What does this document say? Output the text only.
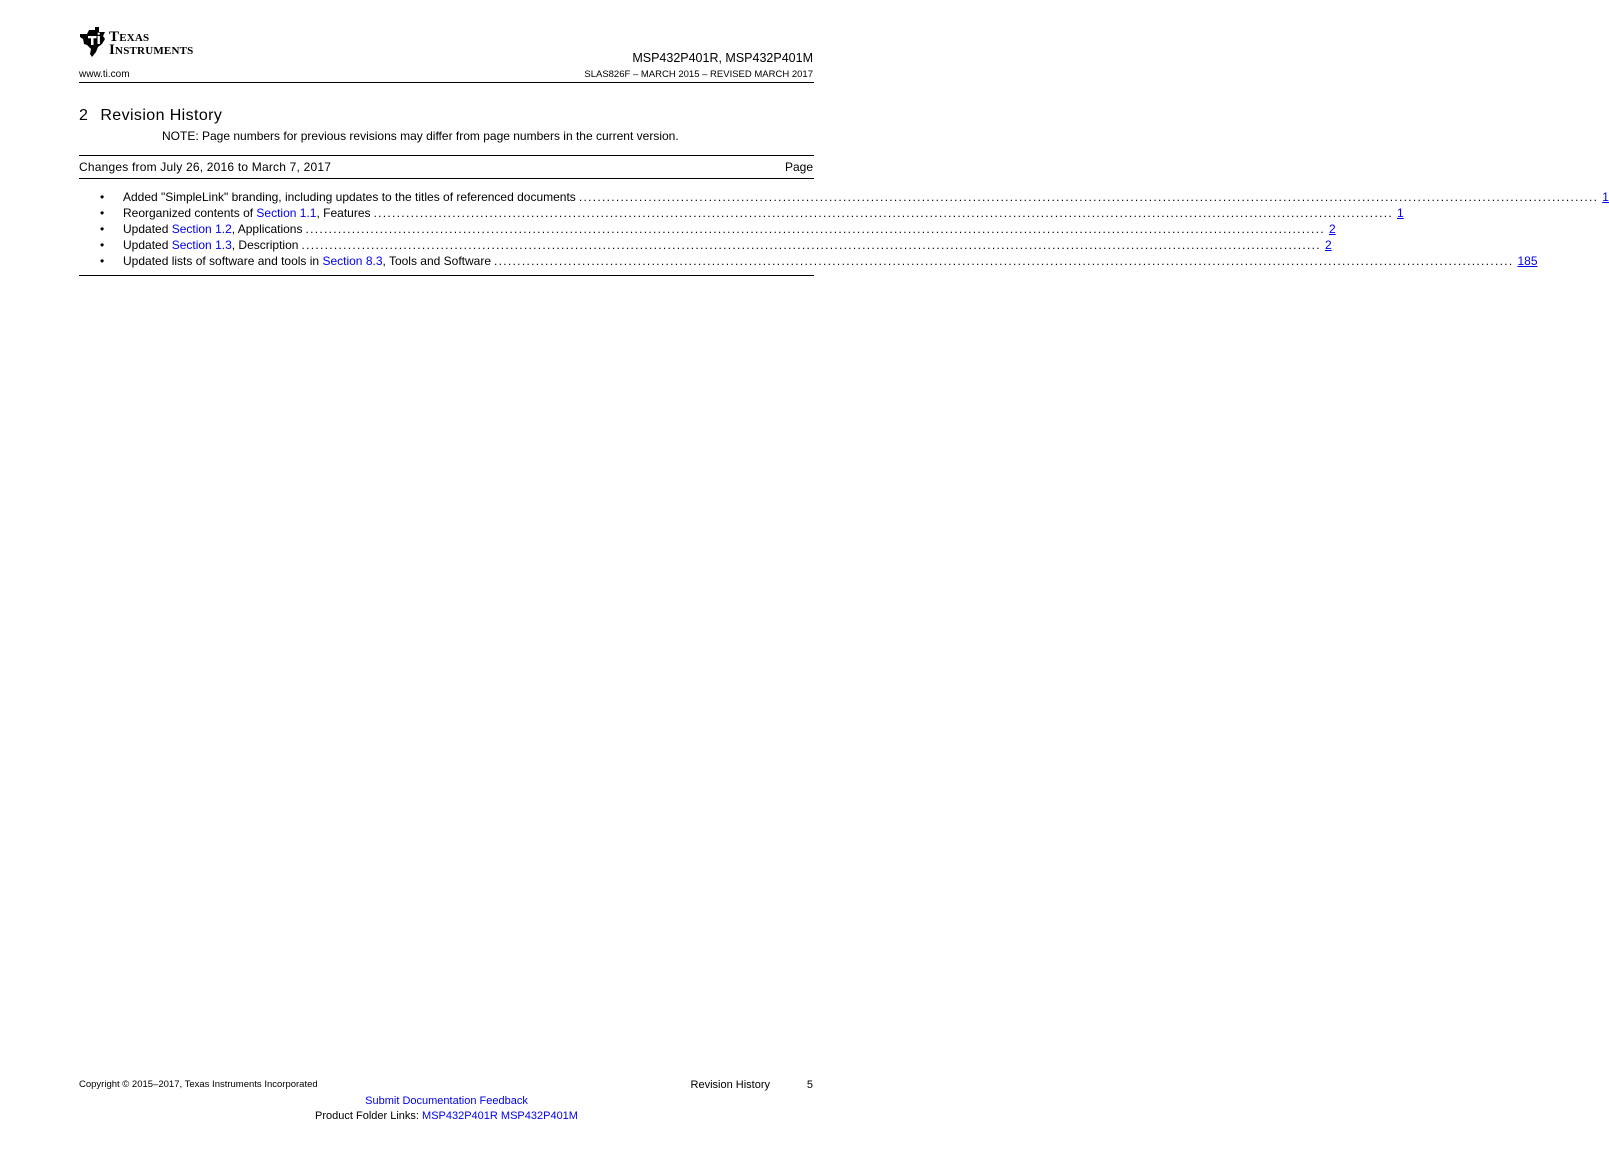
TEXAS
INSTRUMENTS
www.ti.com
MSP432P401R, MSP432P401M
SLAS826F – MARCH 2015 – REVISED MARCH 2017
2 Revision History
NOTE: Page numbers for previous revisions may differ from page numbers in the current version.
Changes from July 26, 2016 to March 7, 2017	Page
• Added "SimpleLink" branding, including updates to the titles of referenced documents ............................................................................................................................................................................................................................ 1
• Reorganized contents of Section 1.1, Features ............................................................................................................................................................................................................................ 1
• Updated Section 1.2, Applications ............................................................................................................................................................................................................................ 2
• Updated Section 1.3, Description ............................................................................................................................................................................................................................ 2
• Updated lists of software and tools in Section 8.3, Tools and Software ............................................................................................................................................................................................................................ 185
Copyright © 2015–2017, Texas Instruments Incorporated	Revision History	5
Submit Documentation Feedback
Product Folder Links: MSP432P401R MSP432P401M
